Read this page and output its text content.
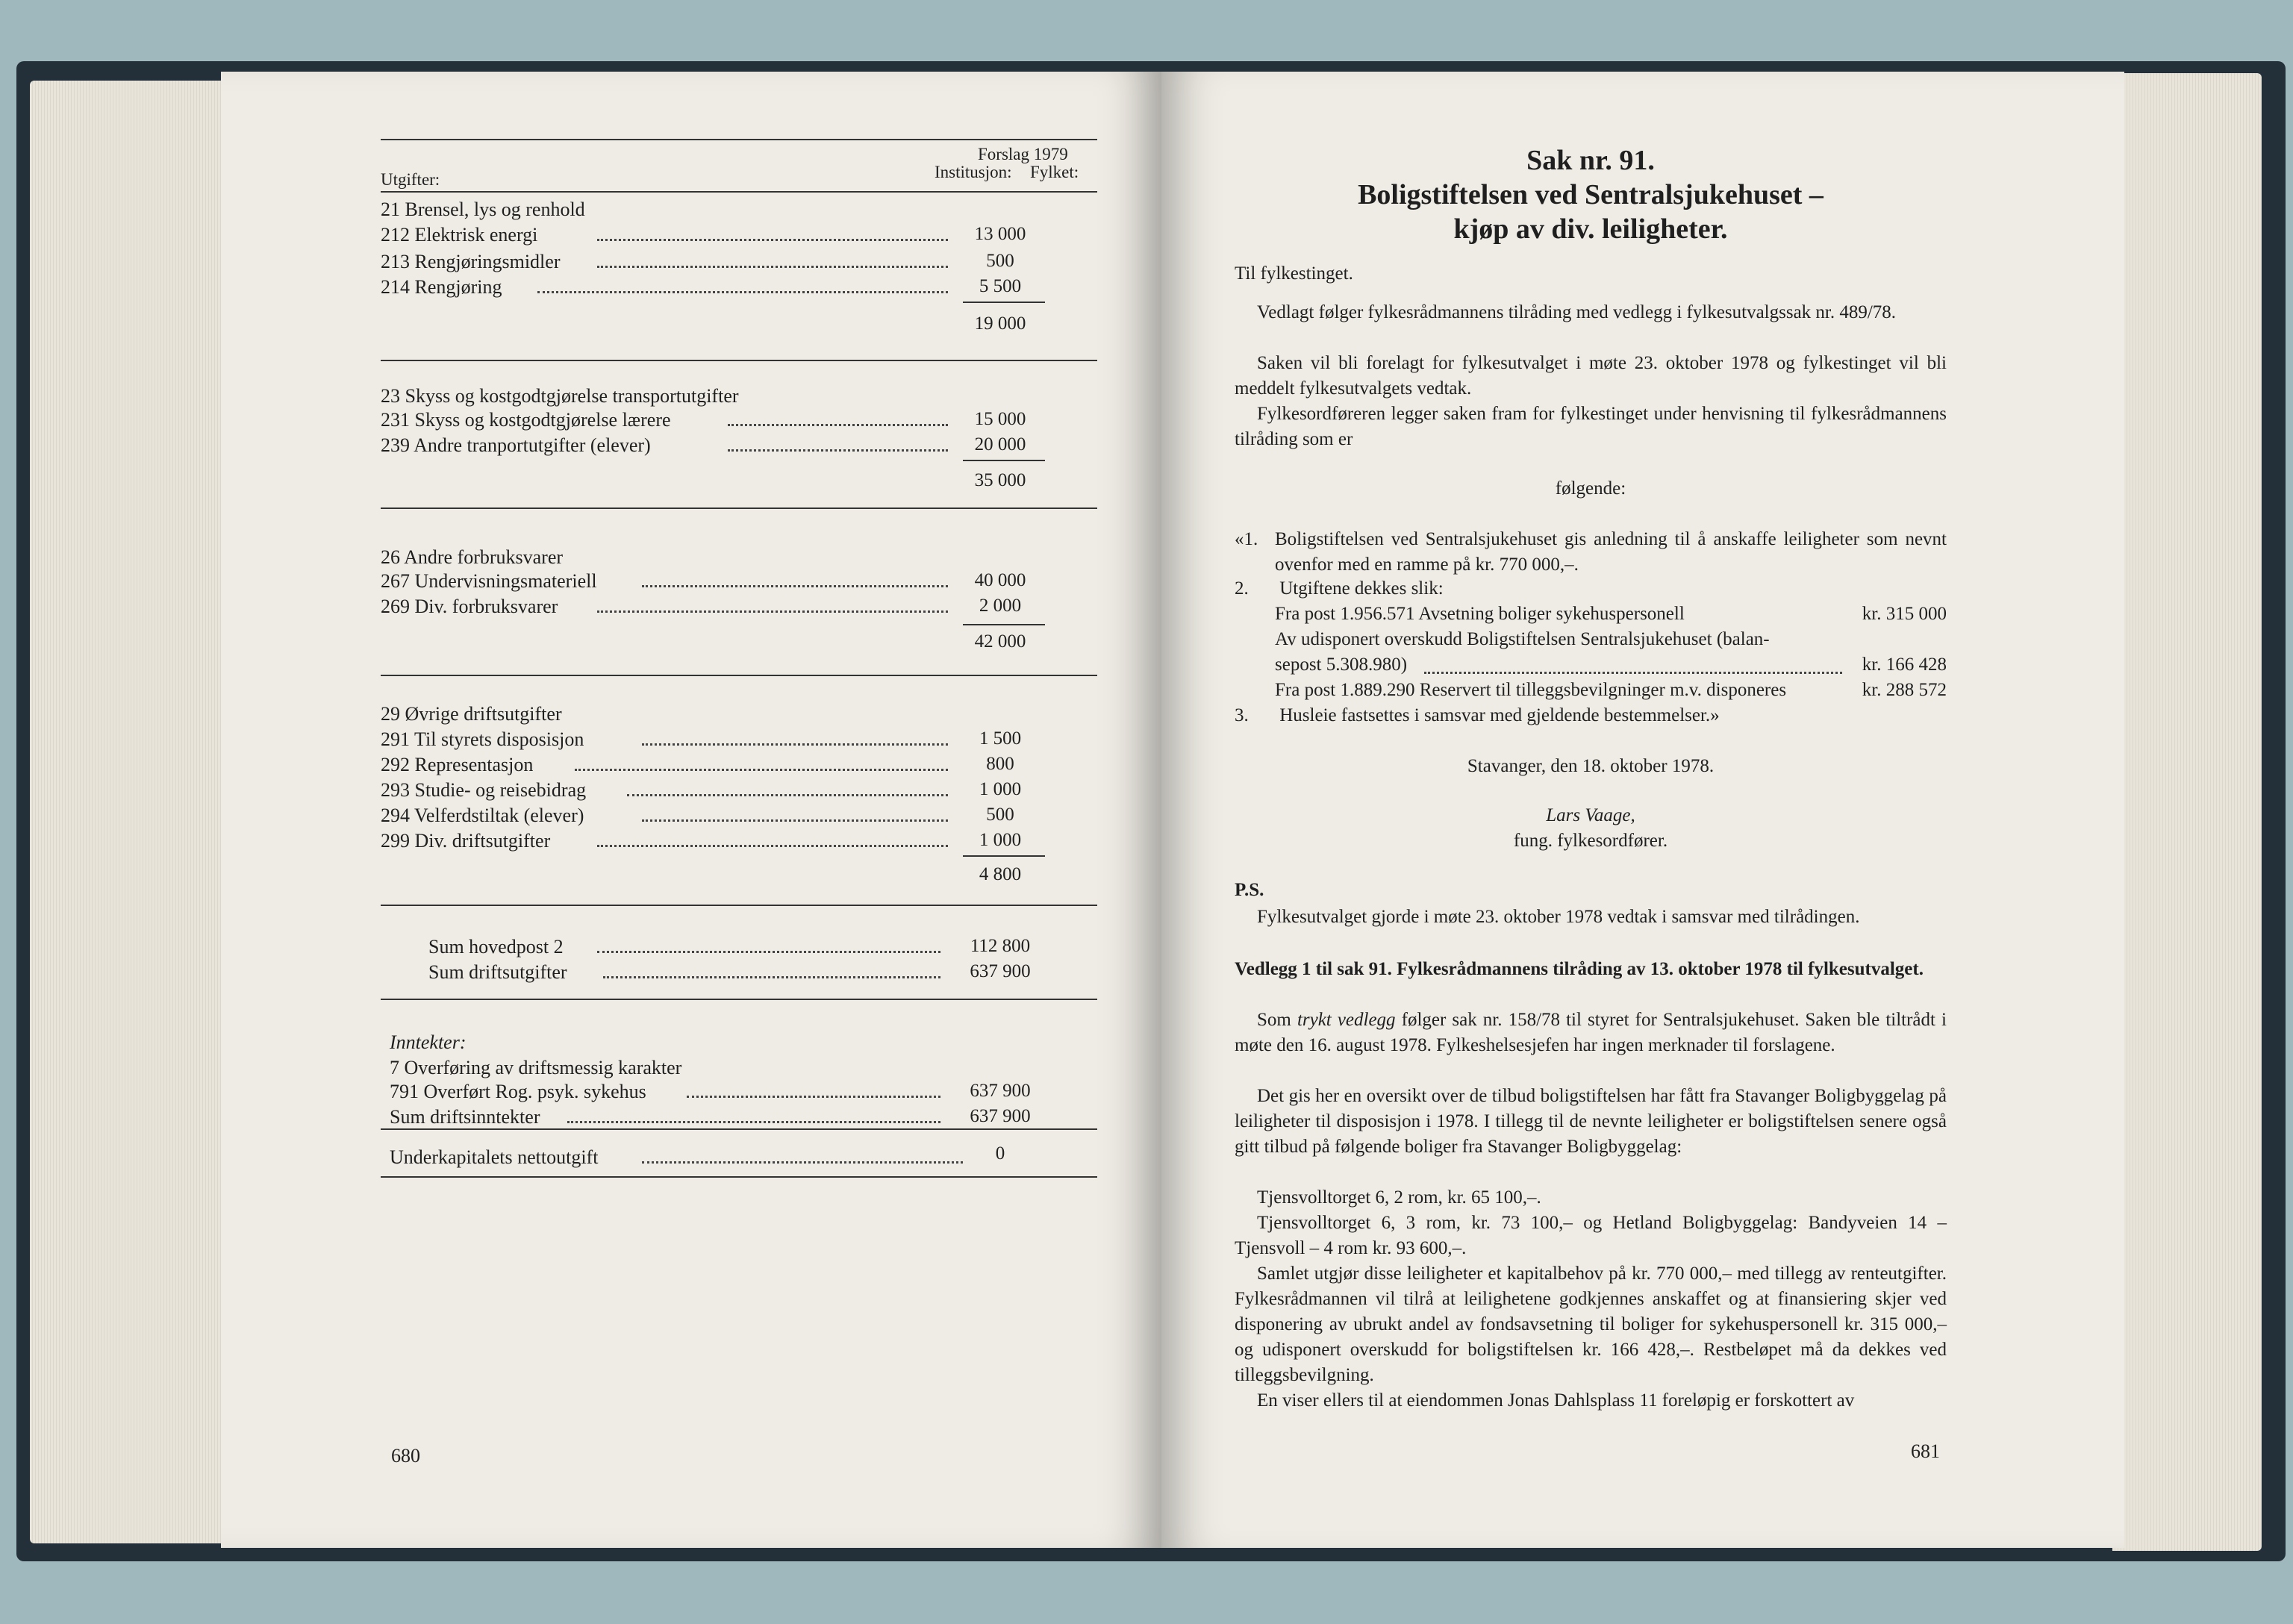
Forslag 1979
Utgifter:	Institusjon: Fylket:
21 Brensel, lys og renhold
212 Elektrisk energi	13 000
213 Rengjøringsmidler	500
214 Rengjøring	5 500
19 000
23 Skyss og kostgodtgjørelse transportutgifter
231 Skyss og kostgodtgjørelse lærere	15 000
239 Andre tranportutgifter (elever)	20 000
35 000
26 Andre forbruksvarer
267 Undervisningsmateriell	40 000
269 Div. forbruksvarer	2 000
42 000
29 Øvrige driftsutgifter
291 Til styrets disposisjon	1 500
292 Representasjon	800
293 Studie- og reisebidrag	1 000
294 Velferdstiltak (elever)	500
299 Div. driftsutgifter	1 000
4 800
Sum hovedpost 2	112 800
Sum driftsutgifter	637 900
Inntekter:
7 Overføring av driftsmessig karakter
791 Overført Rog. psyk. sykehus	637 900
Sum driftsinntekter	637 900
Underkapitalets nettoutgift	0
680
Sak nr. 91.
Boligstiftelsen ved Sentralsjukehuset –
kjøp av div. leiligheter.
Til fylkestinget.
Vedlagt følger fylkesrådmannens tilråding med vedlegg i fylkesutvalgssak nr. 489/78.
Saken vil bli forelagt for fylkesutvalget i møte 23. oktober 1978 og fylkestinget vil bli meddelt fylkesutvalgets vedtak.
Fylkesordføreren legger saken fram for fylkestinget under henvisning til fylkesrådmannens tilråding som er
følgende:
«1. Boligstiftelsen ved Sentralsjukehuset gis anledning til å anskaffe leiligheter som nevnt ovenfor med en ramme på kr. 770 000,–.
2. Utgiftene dekkes slik:
Fra post 1.956.571 Avsetning boliger sykehuspersonell	kr. 315 000
Av udisponert overskudd Boligstiftelsen Sentralsjukehuset (balan-
sepost 5.308.980)	kr. 166 428
Fra post 1.889.290 Reservert til tilleggsbevilgninger m.v. disponeres	kr. 288 572
3. Husleie fastsettes i samsvar med gjeldende bestemmelser.»
Stavanger, den 18. oktober 1978.
Lars Vaage,
fung. fylkesordfører.
P.S.
Fylkesutvalget gjorde i møte 23. oktober 1978 vedtak i samsvar med tilrådingen.
Vedlegg 1 til sak 91. Fylkesrådmannens tilråding av 13. oktober 1978 til fylkesutvalget.
Som trykt vedlegg følger sak nr. 158/78 til styret for Sentralsjukehuset. Saken ble tiltrådt i møte den 16. august 1978. Fylkeshelsesjefen har ingen merknader til forslagene.
Det gis her en oversikt over de tilbud boligstiftelsen har fått fra Stavanger Boligbyggelag på leiligheter til disposisjon i 1978. I tillegg til de nevnte leiligheter er boligstiftelsen senere også gitt tilbud på følgende boliger fra Stavanger Boligbyggelag:
Tjensvolltorget 6, 2 rom, kr. 65 100,–.
Tjensvolltorget 6, 3 rom, kr. 73 100,– og Hetland Boligbyggelag: Bandyveien 14 – Tjensvoll – 4 rom kr. 93 600,–.
Samlet utgjør disse leiligheter et kapitalbehov på kr. 770 000,– med tillegg av renteutgifter. Fylkesrådmannen vil tilrå at leilighetene godkjennes anskaffet og at finansiering skjer ved disponering av ubrukt andel av fondsavsetning til boliger for sykehuspersonell kr. 315 000,– og udisponert overskudd for boligstiftelsen kr. 166 428,–. Restbeløpet må da dekkes ved tilleggsbevilgning.
En viser ellers til at eiendommen Jonas Dahlsplass 11 foreløpig er forskottert av
681
